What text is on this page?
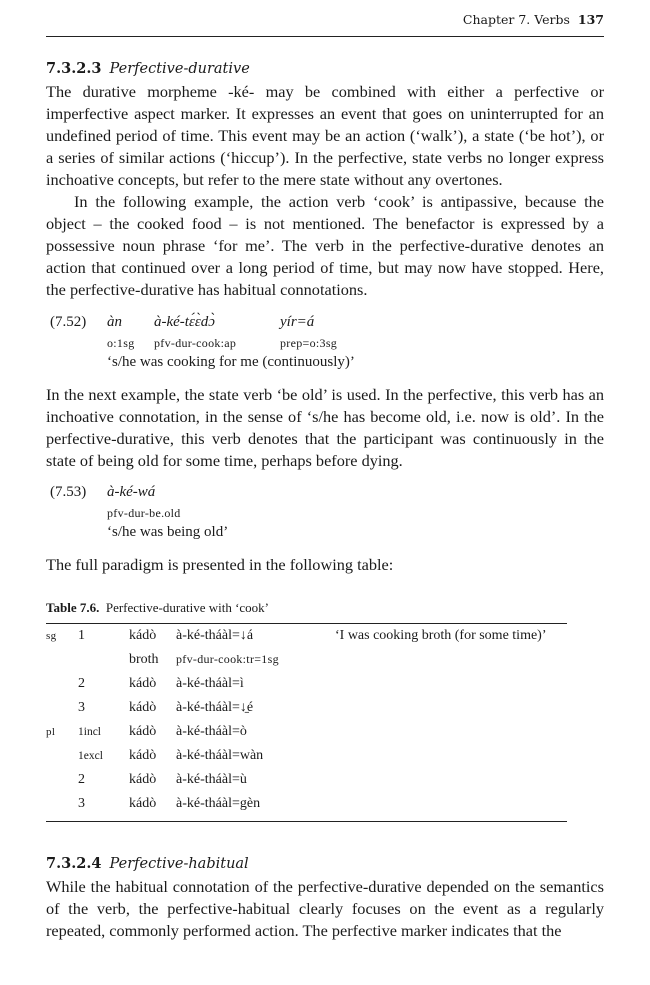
Chapter 7. Verbs 137
7.3.2.3 Perfective-durative

The durative morpheme -ké- may be combined with either a perfective or imperfective aspect marker. It expresses an event that goes on uninterrupted for an undefined period of time. This event may be an action (‘walk’), a state (‘be hot’), or a series of similar actions (‘hiccup’). In the perfective, state verbs no longer express inchoative concepts, but refer to the mere state without any overtones.

In the following example, the action verb ‘cook’ is antipassive, because the object – the cooked food – is not mentioned. The benefactor is expressed by a possessive noun phrase ‘for me’. The verb in the perfective-durative denotes an action that continued over a long period of time, but may now have stopped. Here, the perfective-durative has habitual connotations.

(7.52) àn à-ké-tɛ́ɛ̀dɔ̀	yír=á
o:1sg pfv-dur-cook:ap	prep=o:3sg
‘s/he was cooking for me (continuously)’

In the next example, the state verb ‘be old’ is used. In the perfective, this verb has an inchoative connotation, in the sense of ‘s/he has become old, i.e. now is old’. In the perfective-durative, this verb denotes that the participant was continuously in the state of being old for some time, perhaps before dying.

(7.53) à-ké-wá
pfv-dur-be.old
‘s/he was being old’

The full paradigm is presented in the following table:

Table 7.6. Perfective-durative with ‘cook’
sg 1	kádò à-ké-tháàl=↓á	‘I was cooking broth (for some time)’
broth pfv-dur-cook:tr=1sg
2	kádò à-ké-tháàl=ì
3	kádò à-ké-tháàl=↓̱é
pl 1incl kádò à-ké-tháàl=ò
1excl kádò à-ké-tháàl=wàn
2	kádò à-ké-tháàl=ù
3	kádò à-ké-tháàl=gèn
7.3.2.4 Perfective-habitual

While the habitual connotation of the perfective-durative depended on the semantics of the verb, the perfective-habitual clearly focuses on the event as a regularly repeated, commonly performed action. The perfective marker indicates that the
